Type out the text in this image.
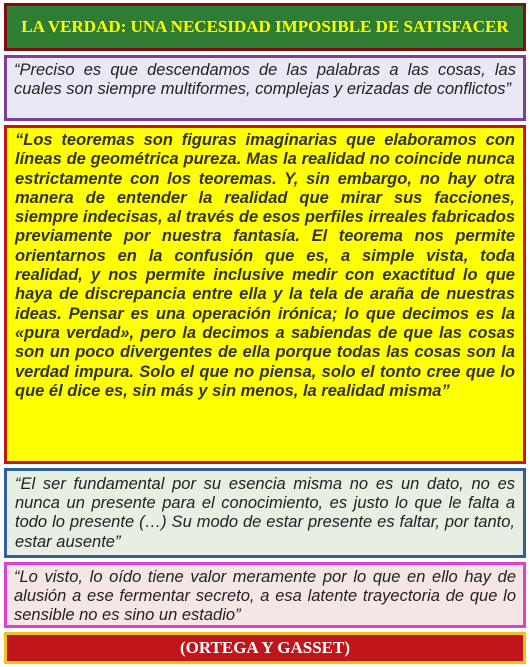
LA VERDAD: UNA NECESIDAD IMPOSIBLE DE SATISFACER
“Preciso es que descendamos de las palabras a las cosas, las cuales son siempre multiformes, complejas y erizadas de conflictos”
“Los teoremas son figuras imaginarias que elaboramos con líneas de geométrica pureza. Mas la realidad no coincide nunca estrictamente con los teoremas. Y, sin embargo, no hay otra manera de entender la realidad que mirar sus facciones, siempre indecisas, al través de esos perfiles irreales fabricados previamente por nuestra fantasía. El teorema nos permite orientarnos en la confusión que es, a simple vista, toda realidad, y nos permite inclusive medir con exactitud lo que haya de discrepancia entre ella y la tela de araña de nuestras ideas. Pensar es una operación irónica; lo que decimos es la «pura verdad», pero la decimos a sabiendas de que las cosas son un poco divergentes de ella porque todas las cosas son la verdad impura. Solo el que no piensa, solo el tonto cree que lo que él dice es, sin más y sin menos, la realidad misma”
“El ser fundamental por su esencia misma no es un dato, no es nunca un presente para el conocimiento, es justo lo que le falta a todo lo presente (…) Su modo de estar presente es faltar, por tanto, estar ausente”
“Lo visto, lo oído tiene valor meramente por lo que en ello hay de alusión a ese fermentar secreto, a esa latente trayectoria de que lo sensible no es sino un estadio”
(ORTEGA Y GASSET)
